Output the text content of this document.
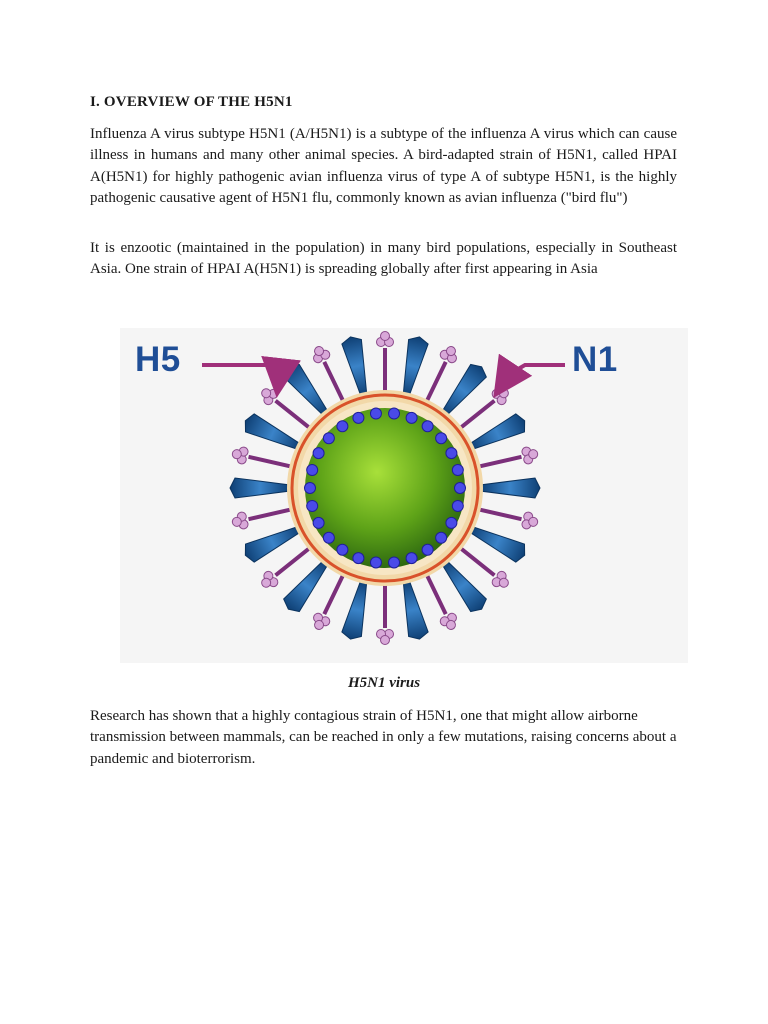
I. OVERVIEW OF THE H5N1

Influenza A virus subtype H5N1 (A/H5N1) is a subtype of the influenza A virus which can cause illness in humans and many other animal species. A bird-adapted strain of H5N1, called HPAI A(H5N1) for highly pathogenic avian influenza virus of type A of subtype H5N1, is the highly pathogenic causative agent of H5N1 flu, commonly known as avian influenza ("bird flu")

It is enzootic (maintained in the population) in many bird populations, especially in Southeast Asia. One strain of HPAI A(H5N1) is spreading globally after first appearing in Asia

H5	N1
H5N1 virus

Research has shown that a highly contagious strain of H5N1, one that might allow airborne transmission between mammals, can be reached in only a few mutations, raising concerns about a pandemic and bioterrorism.
